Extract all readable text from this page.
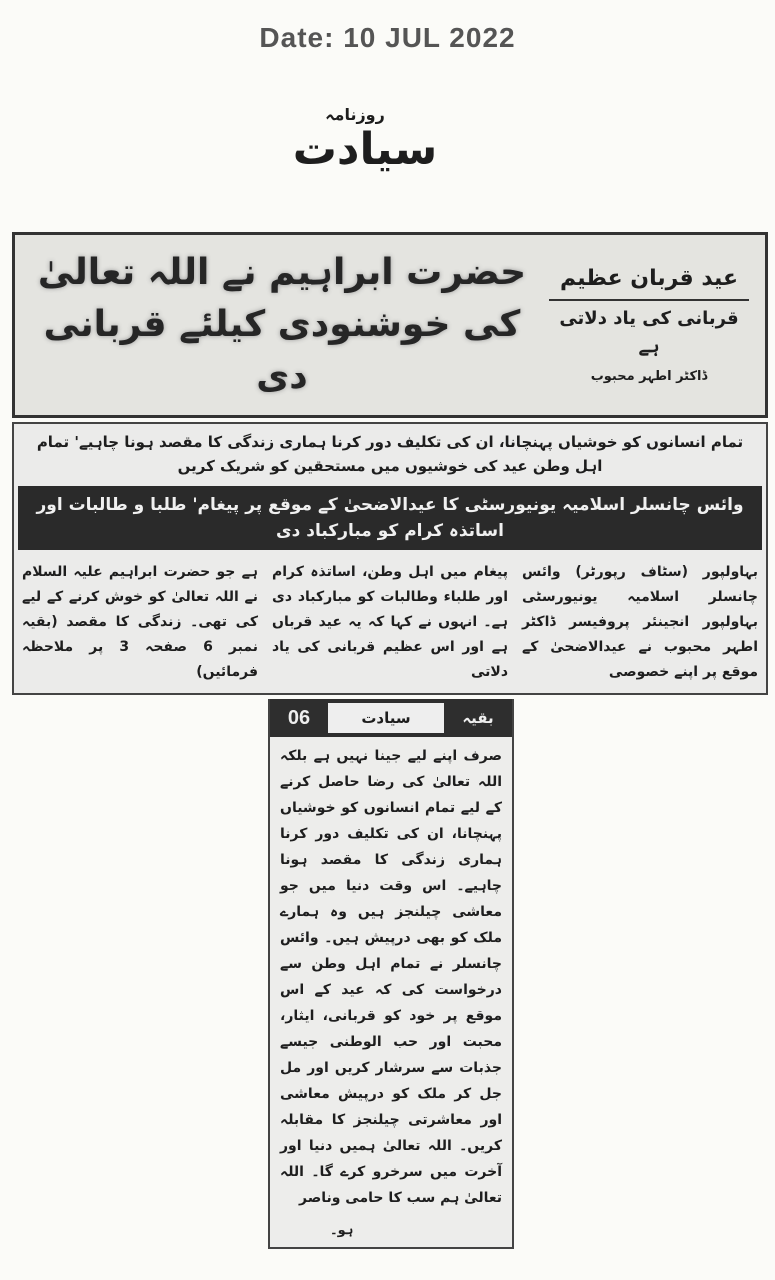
Date: 10 JUL 2022
روزنامہ
سیادت
عید قربان عظیم
قربانی کی یاد دلاتی ہے
ڈاکٹر اطہر محبوب
حضرت ابراہیم نے اللہ تعالیٰ کی خوشنودی کیلئے قربانی دی
تمام انسانوں کو خوشیاں پہنچانا، ان کی تکلیف دور کرنا ہماری زندگی کا مقصد ہونا چاہیے' تمام اہل وطن عید کی خوشیوں میں مستحقین کو شریک کریں
وائس چانسلر اسلامیہ یونیورسٹی کا عیدالاضحیٰ کے موقع پر پیغام' طلبا و طالبات اور اساتذہ کرام کو مبارکباد دی
بہاولپور (سٹاف رپورٹر) وائس چانسلر اسلامیہ یونیورسٹی بہاولپور انجینئر پروفیسر ڈاکٹر اطہر محبوب نے عیدالاضحیٰ کے موقع پر اپنے خصوصی
پیغام میں اہل وطن، اساتذہ کرام اور طلباء وطالبات کو مبارکباد دی ہے۔ انہوں نے کہا کہ یہ عید قرباں ہے اور اس عظیم قربانی کی یاد دلاتی
ہے جو حضرت ابراہیم علیہ السلام نے اللہ تعالیٰ کو خوش کرنے کے لیے کی تھی۔ زندگی کا مقصد (بقیہ نمبر 6 صفحہ 3 پر ملاحظہ فرمائیں)
06	سیادت	بقیہ
صرف اپنے لیے جینا نہیں ہے بلکہ اللہ تعالیٰ کی رضا حاصل کرنے کے لیے تمام انسانوں کو خوشیاں پہنچانا، ان کی تکلیف دور کرنا ہماری زندگی کا مقصد ہونا چاہیے۔ اس وقت دنیا میں جو معاشی چیلنجز ہیں وہ ہمارے ملک کو بھی درپیش ہیں۔ وائس چانسلر نے تمام اہل وطن سے درخواست کی کہ عید کے اس موقع پر خود کو قربانی، ایثار، محبت اور حب الوطنی جیسے جذبات سے سرشار کریں اور مل جل کر ملک کو درپیش معاشی اور معاشرتی چیلنجز کا مقابلہ کریں۔ اللہ تعالیٰ ہمیں دنیا اور آخرت میں سرخرو کرے گا۔ اللہ تعالیٰ ہم سب کا حامی وناصر
ہو۔
